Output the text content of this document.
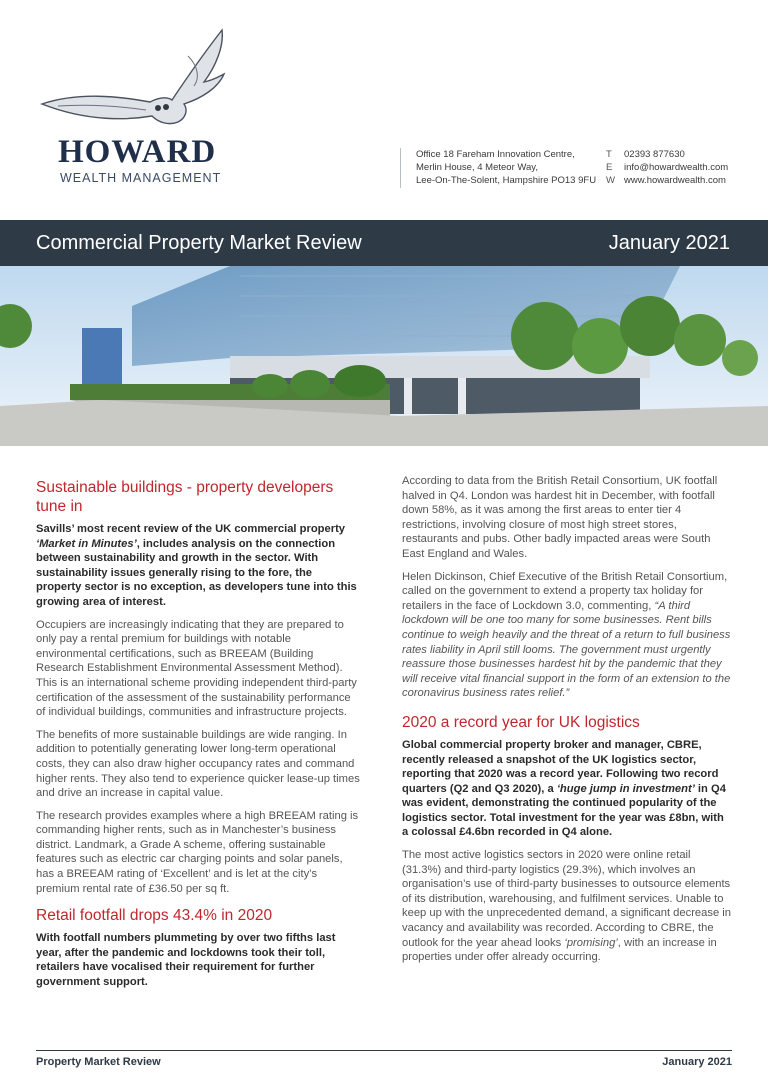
HOWARD
WEALTH MANAGEMENT
Office 18 Fareham Innovation Centre,
Merlin House, 4 Meteor Way,
Lee-On-The-Solent, Hampshire PO13 9FU
T 02393 877630
E info@howardwealth.com
W www.howardwealth.com
Commercial Property Market Review	January 2021
Sustainable buildings - property developers tune in

Savills’ most recent review of the UK commercial property ‘Market in Minutes’, includes analysis on the connection between sustainability and growth in the sector. With sustainability issues generally rising to the fore, the property sector is no exception, as developers tune into this growing area of interest.

Occupiers are increasingly indicating that they are prepared to only pay a rental premium for buildings with notable environmental certifications, such as BREEAM (Building Research Establishment Environmental Assessment Method). This is an international scheme providing independent third-party certification of the assessment of the sustainability performance of individual buildings, communities and infrastructure projects.

The benefits of more sustainable buildings are wide ranging. In addition to potentially generating lower long-term operational costs, they can also draw higher occupancy rates and command higher rents. They also tend to experience quicker lease-up times and drive an increase in capital value.

The research provides examples where a high BREEAM rating is commanding higher rents, such as in Manchester’s business district. Landmark, a Grade A scheme, offering sustainable features such as electric car charging points and solar panels, has a BREEAM rating of ‘Excellent’ and is let at the city’s premium rental rate of £36.50 per sq ft.

Retail footfall drops 43.4% in 2020

With footfall numbers plummeting by over two fifths last year, after the pandemic and lockdowns took their toll, retailers have vocalised their requirement for further government support.

According to data from the British Retail Consortium, UK footfall halved in Q4. London was hardest hit in December, with footfall down 58%, as it was among the first areas to enter tier 4 restrictions, involving closure of most high street stores, restaurants and pubs. Other badly impacted areas were South East England and Wales.

Helen Dickinson, Chief Executive of the British Retail Consortium, called on the government to extend a property tax holiday for retailers in the face of Lockdown 3.0, commenting, “A third lockdown will be one too many for some businesses. Rent bills continue to weigh heavily and the threat of a return to full business rates liability in April still looms. The government must urgently reassure those businesses hardest hit by the pandemic that they will receive vital financial support in the form of an extension to the coronavirus business rates relief.”

2020 a record year for UK logistics

Global commercial property broker and manager, CBRE, recently released a snapshot of the UK logistics sector, reporting that 2020 was a record year. Following two record quarters (Q2 and Q3 2020), a ‘huge jump in investment’ in Q4 was evident, demonstrating the continued popularity of the logistics sector. Total investment for the year was £8bn, with a colossal £4.6bn recorded in Q4 alone.

The most active logistics sectors in 2020 were online retail (31.3%) and third-party logistics (29.3%), which involves an organisation’s use of third-party businesses to outsource elements of its distribution, warehousing, and fulfilment services. Unable to keep up with the unprecedented demand, a significant decrease in vacancy and availability was recorded. According to CBRE, the outlook for the year ahead looks ‘promising’, with an increase in properties under offer already occurring.

Property Market Review	January 2021
